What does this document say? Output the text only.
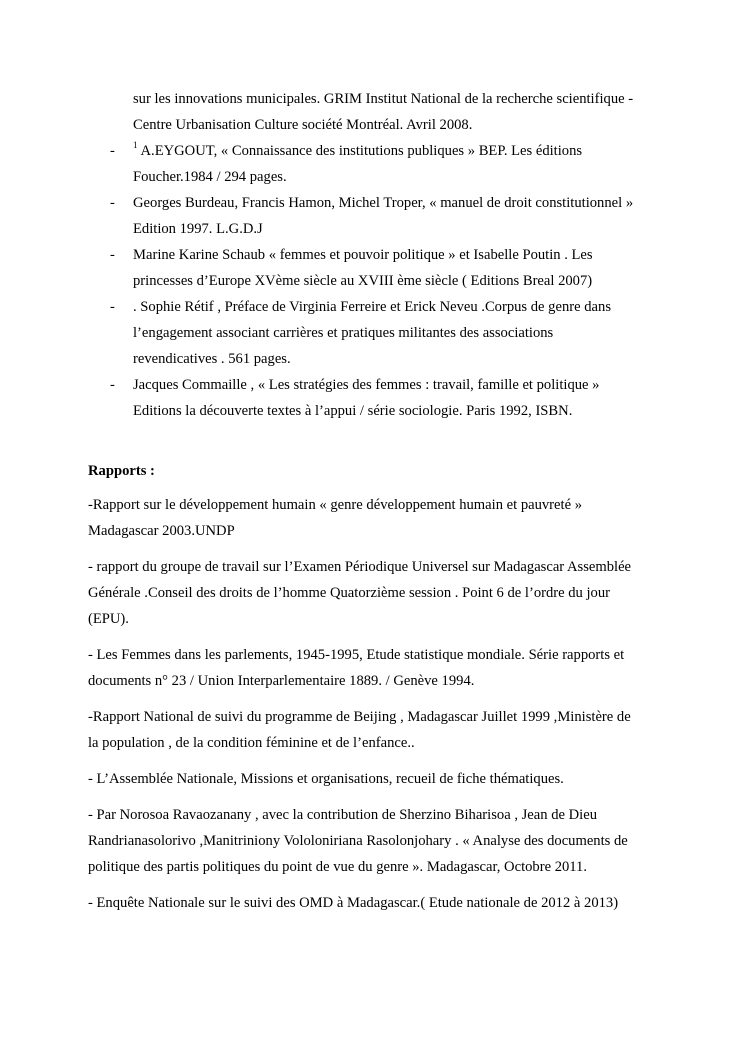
sur les innovations municipales. GRIM Institut National de la recherche scientifique -
Centre Urbanisation Culture société Montréal. Avril 2008.
- $^1$ A.EYGOUT, « Connaissance des institutions publiques » BEP. Les éditions
Foucher.1984 / 294 pages.
- Georges Burdeau, Francis Hamon, Michel Troper, « manuel de droit constitutionnel »
Edition 1997. L.G.D.J
- Marine Karine Schaub « femmes et pouvoir politique » et Isabelle Poutin . Les
princesses d’Europe XVème siècle au XVIII ème siècle ( Editions Breal 2007)
- . Sophie Rétif , Préface de Virginia Ferreire et Erick Neveu .Corpus de genre dans
l’engagement associant carrières et pratiques militantes des associations
revendicatives . 561 pages.
- Jacques Commaille , « Les stratégies des femmes : travail, famille et politique »
Editions la découverte textes à l’appui / série sociologie. Paris 1992, ISBN.
Rapports :
-Rapport sur le développement humain « genre développement humain et pauvreté »
Madagascar 2003.UNDP
- rapport du groupe de travail sur l’Examen Périodique Universel sur Madagascar Assemblée
Générale .Conseil des droits de l’homme Quatorzième session . Point 6 de l’ordre du jour
(EPU).
- Les Femmes dans les parlements, 1945-1995, Etude statistique mondiale. Série rapports et
documents n° 23 / Union Interparlementaire 1889. / Genève 1994.
-Rapport National de suivi du programme de Beijing , Madagascar Juillet 1999 ,Ministère de
la population , de la condition féminine et de l’enfance..
- L’Assemblée Nationale, Missions et organisations, recueil de fiche thématiques.
- Par Norosoa Ravaozanany , avec la contribution de Sherzino Biharisoa , Jean de Dieu
Randrianasolorivo ,Manitriniony Vololoniriana Rasolonjohary . « Analyse des documents de
politique des partis politiques du point de vue du genre ». Madagascar, Octobre 2011.
- Enquête Nationale sur le suivi des OMD à Madagascar.( Etude nationale de 2012 à 2013)
